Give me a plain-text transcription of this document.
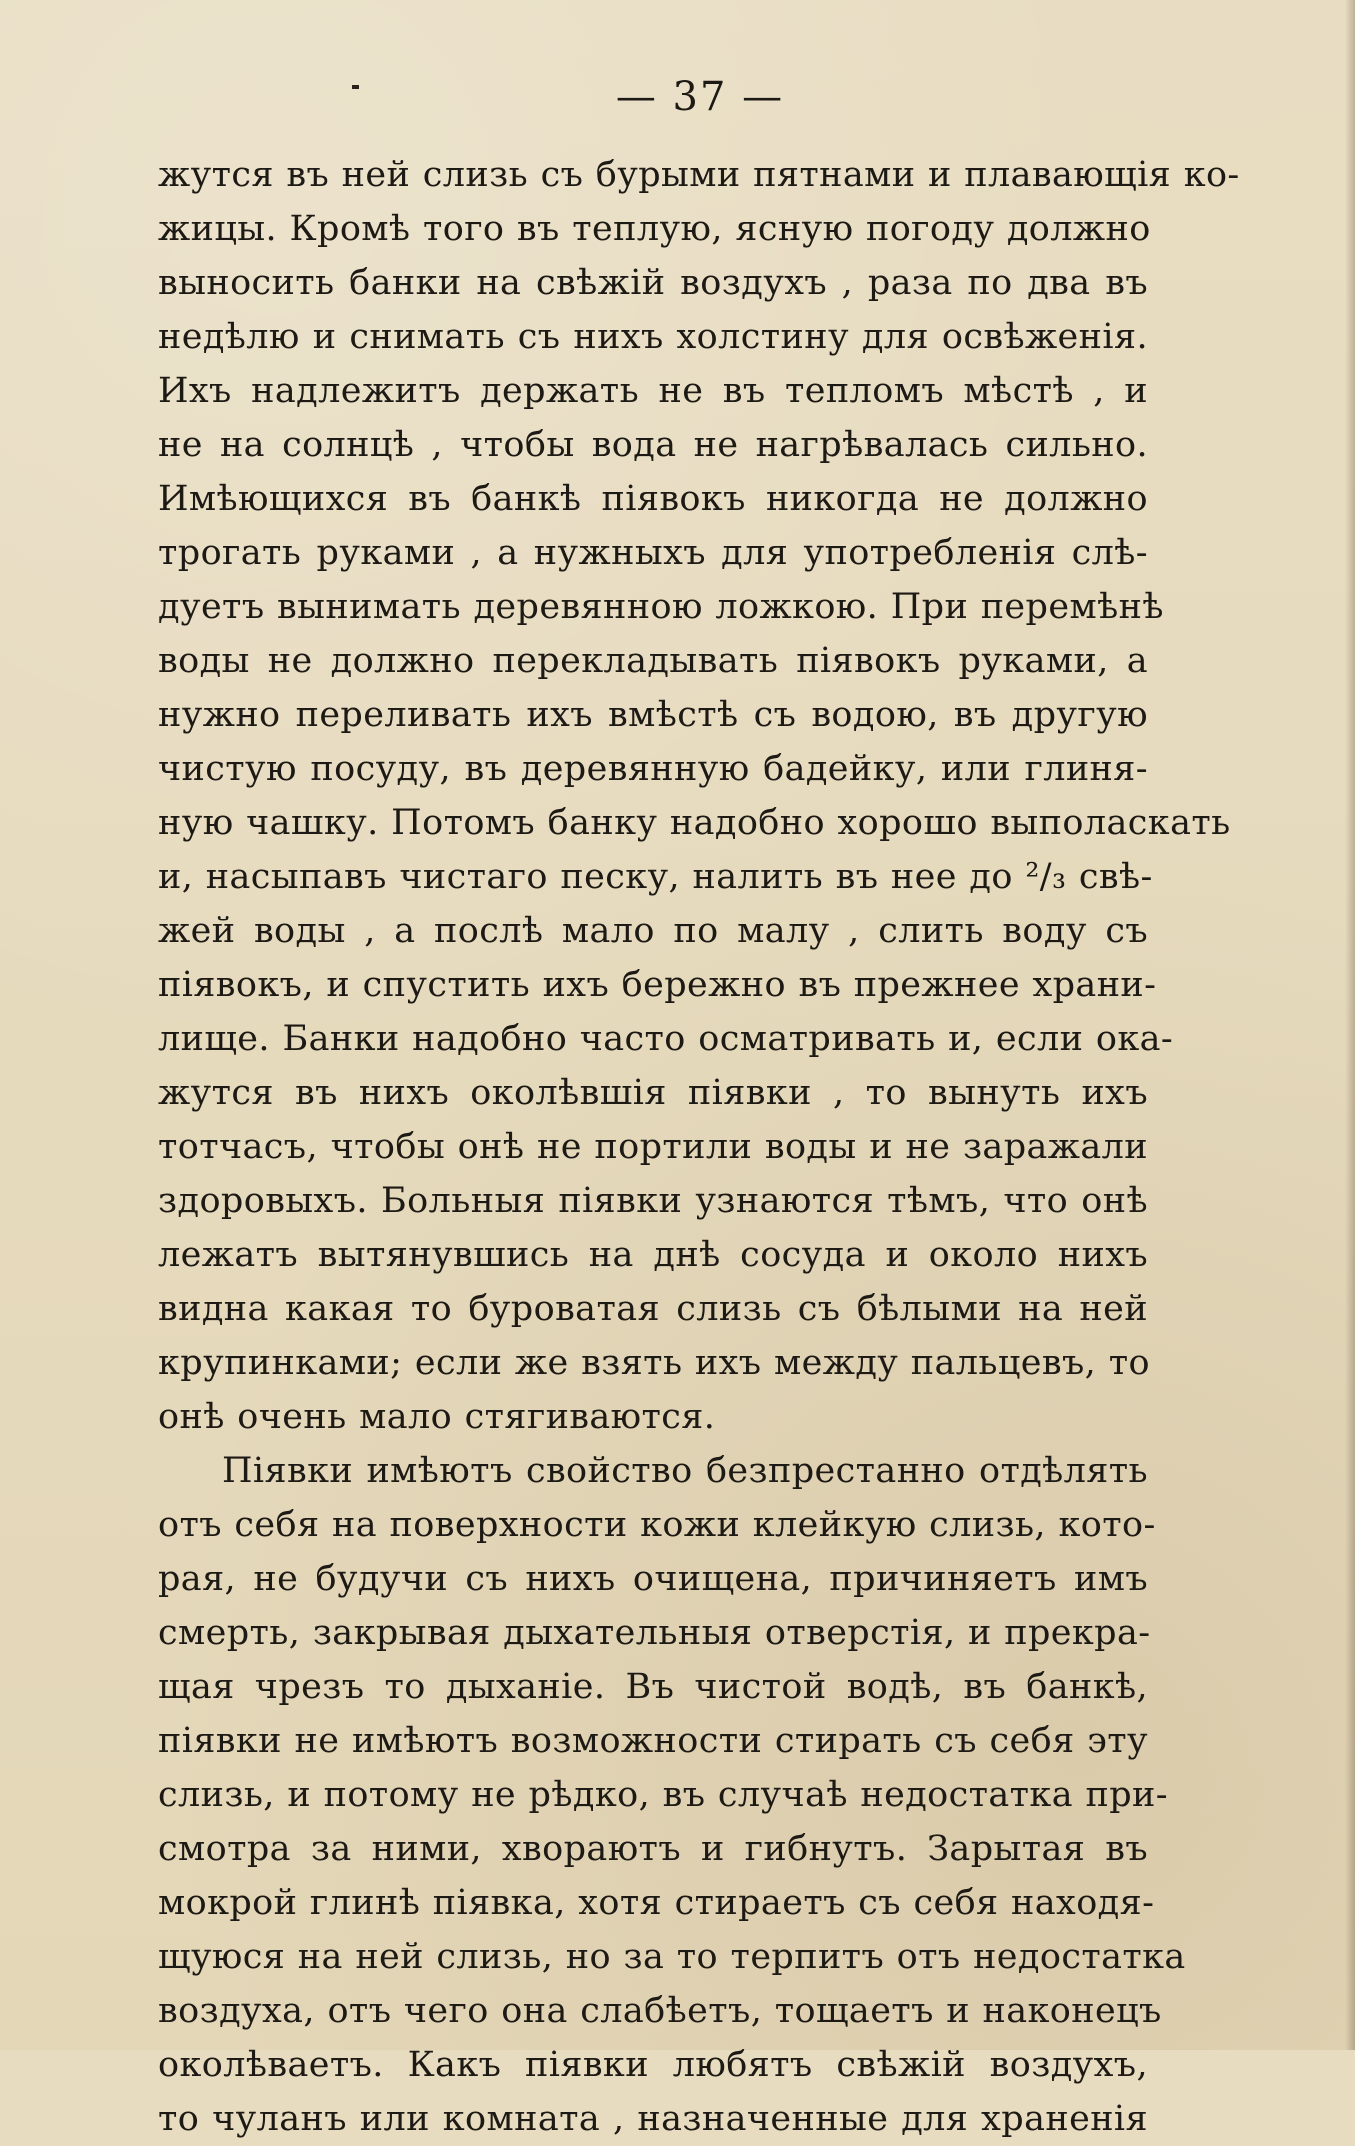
— 37 —
жутся въ ней слизь съ бурыми пятнами и плавающія ко-
жицы. Кромѣ того въ теплую, ясную погоду должно
выносить банки на свѣжій воздухъ , раза по два въ
недѣлю и снимать съ нихъ холстину для освѣженія.
Ихъ надлежитъ держать не въ тепломъ мѣстѣ , и
не на солнцѣ , чтобы вода не нагрѣвалась сильно.
Имѣющихся въ банкѣ піявокъ никогда не должно
трогать руками , а нужныхъ для употребленія слѣ-
дуетъ вынимать деревянною ложкою. При перемѣнѣ
воды не должно перекладывать піявокъ руками, а
нужно переливать ихъ вмѣстѣ съ водою, въ другую
чистую посуду, въ деревянную бадейку, или глиня-
ную чашку. Потомъ банку надобно хорошо выполаскать
и, насыпавъ чистаго песку, налить въ нее до ²/₃ свѣ-
жей воды , а послѣ мало по малу , слить воду съ
піявокъ, и спустить ихъ бережно въ прежнее храни-
лище. Банки надобно часто осматривать и, если ока-
жутся въ нихъ околѣвшія піявки , то вынуть ихъ
тотчасъ, чтобы онѣ не портили воды и не заражали
здоровыхъ. Больныя піявки узнаются тѣмъ, что онѣ
лежатъ вытянувшись на днѣ сосуда и около нихъ
видна какая то буроватая слизь съ бѣлыми на ней
крупинками; если же взять ихъ между пальцевъ, то
онѣ очень мало стягиваются.
Піявки имѣютъ свойство безпрестанно отдѣлять
отъ себя на поверхности кожи клейкую слизь, кото-
рая, не будучи съ нихъ очищена, причиняетъ имъ
смерть, закрывая дыхательныя отверстія, и прекра-
щая чрезъ то дыханіе. Въ чистой водѣ, въ банкѣ,
піявки не имѣютъ возможности стирать съ себя эту
слизь, и потому не рѣдко, въ случаѣ недостатка при-
смотра за ними, хвораютъ и гибнутъ. Зарытая въ
мокрой глинѣ піявка, хотя стираетъ съ себя находя-
щуюся на ней слизь, но за то терпитъ отъ недостатка
воздуха, отъ чего она слабѣетъ, тощаетъ и наконецъ
околѣваетъ. Какъ піявки любятъ свѣжій воздухъ,
то чуланъ или комната , назначенные для храненія
